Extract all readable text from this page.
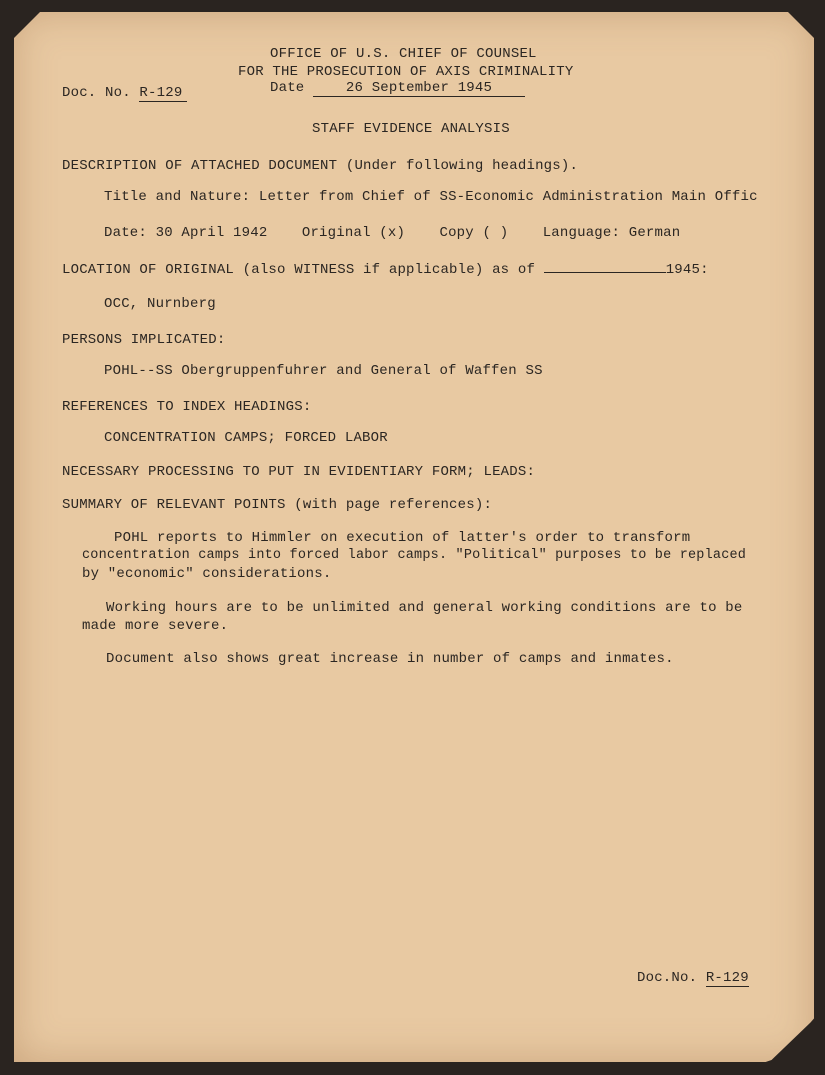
OFFICE OF U.S. CHIEF OF COUNSEL
FOR THE PROSECUTION OF AXIS CRIMINALITY
Doc. No. R-129	Date	26 September 1945
STAFF EVIDENCE ANALYSIS
DESCRIPTION OF ATTACHED DOCUMENT (Under following headings).
Title and Nature: Letter from Chief of SS-Economic Administration Main Offic
Date: 30 April 1942 Original (x) Copy ( ) Language: German
LOCATION OF ORIGINAL (also WITNESS if applicable) as of	1945:
OCC, Nurnberg
PERSONS IMPLICATED:
POHL--SS Obergruppenfuhrer and General of Waffen SS
REFERENCES TO INDEX HEADINGS:
CONCENTRATION CAMPS; FORCED LABOR
NECESSARY PROCESSING TO PUT IN EVIDENTIARY FORM; LEADS:
SUMMARY OF RELEVANT POINTS (with page references):
POHL reports to Himmler on execution of latter's order to transform
concentration camps into forced labor camps. "Political" purposes to be replaced
by "economic" considerations.
Working hours are to be unlimited and general working conditions are to be
made more severe.
Document also shows great increase in number of camps and inmates.
Doc.No. R-129
